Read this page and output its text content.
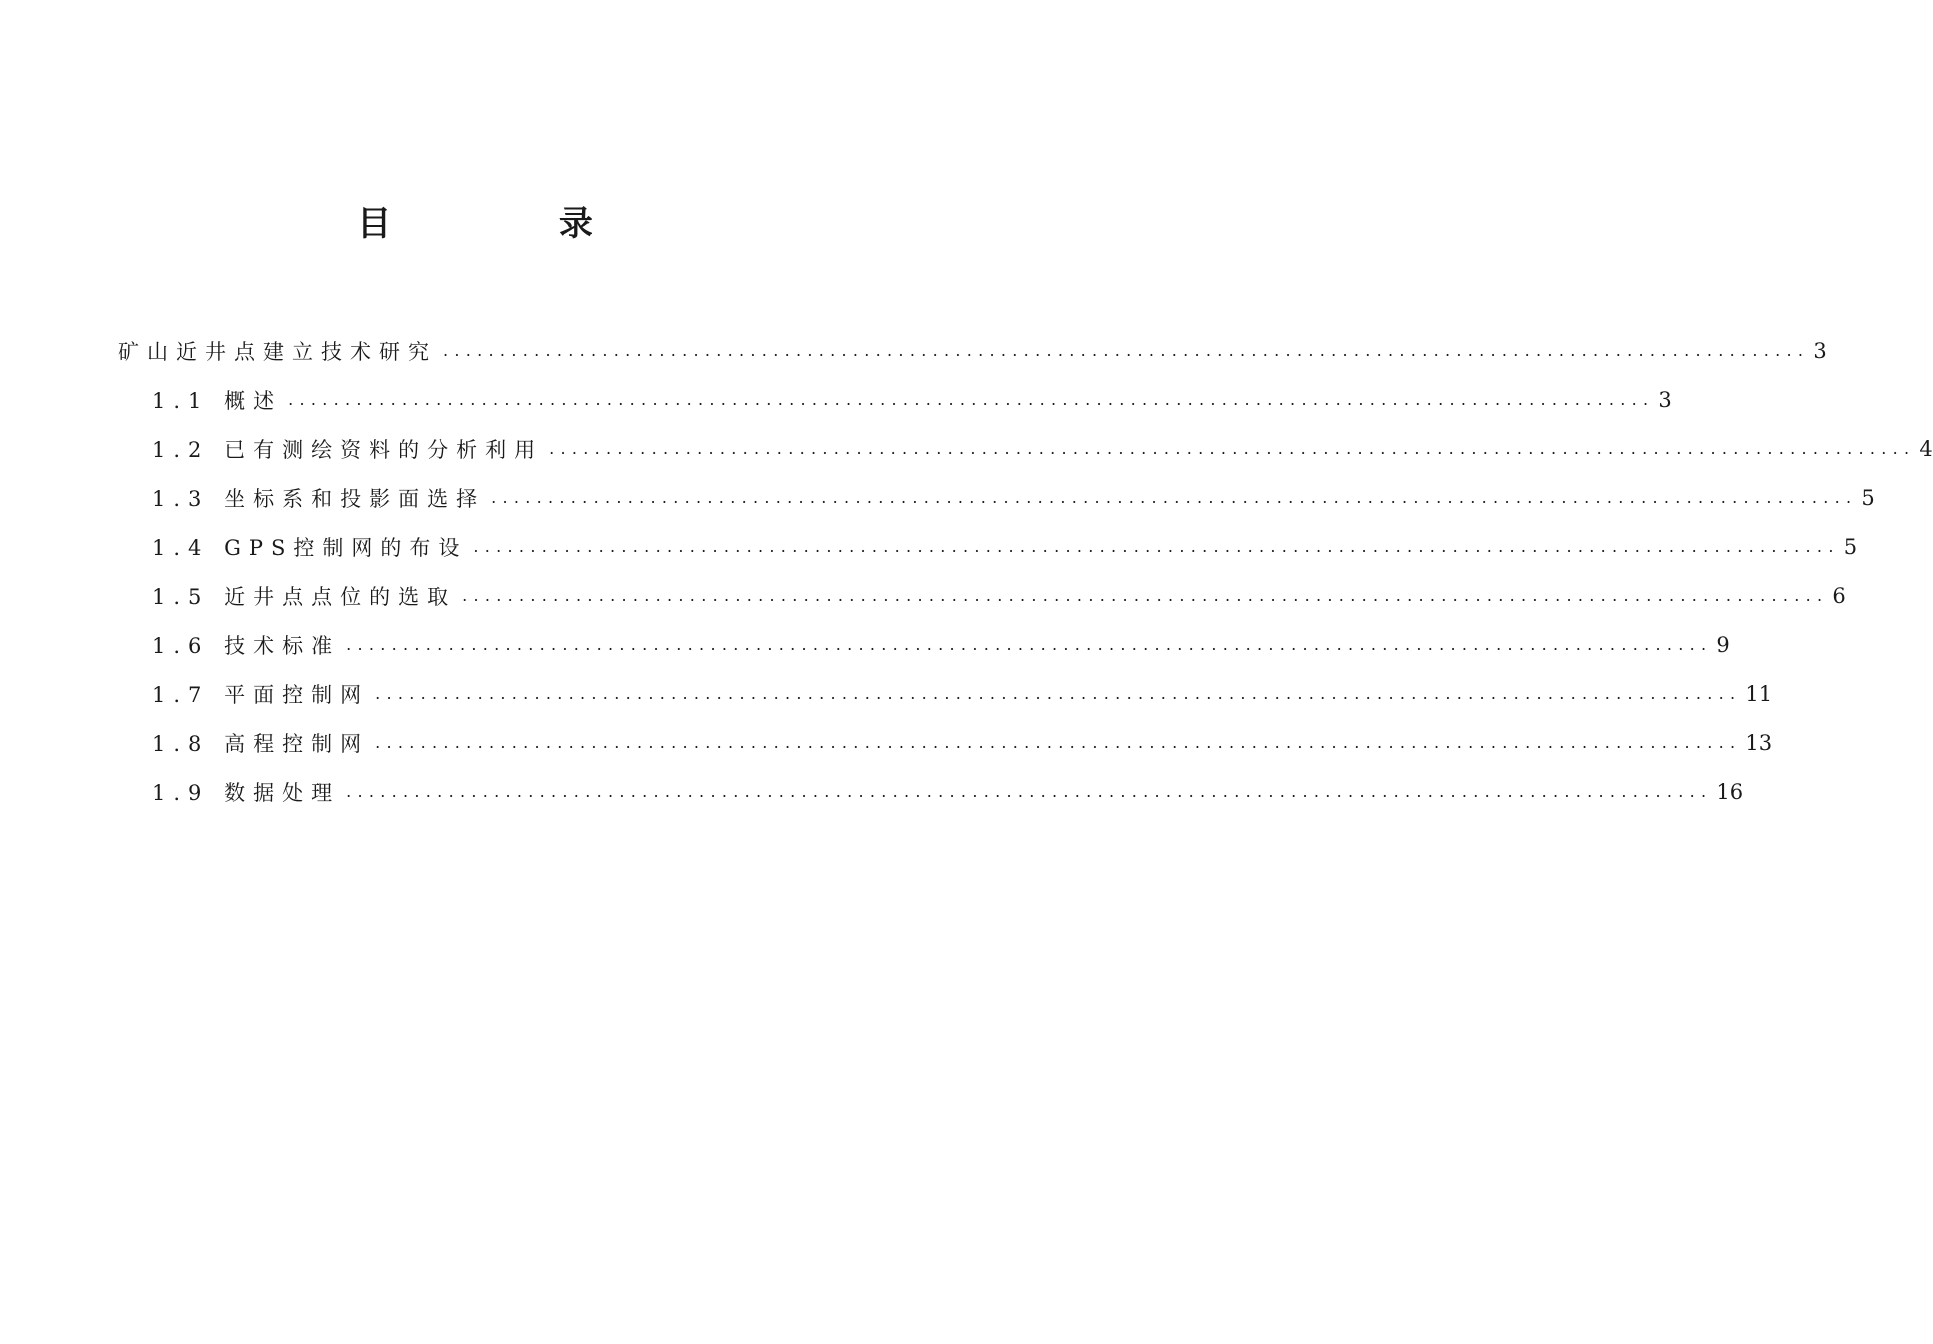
目 录
矿山近井点建立技术研究 ........................................................................................................................ 3
1.1 概述 ........................................................................................................................ 3
1.2 已有测绘资料的分析利用 ........................................................................................................................ 4
1.3 坐标系和投影面选择 ........................................................................................................................ 5
1.4 GPS控制网的布设 ........................................................................................................................ 5
1.5 近井点点位的选取 ........................................................................................................................ 6
1.6 技术标准 ........................................................................................................................ 9
1.7 平面控制网 ........................................................................................................................ 11
1.8 高程控制网 ........................................................................................................................ 13
1.9 数据处理 ........................................................................................................................ 16
